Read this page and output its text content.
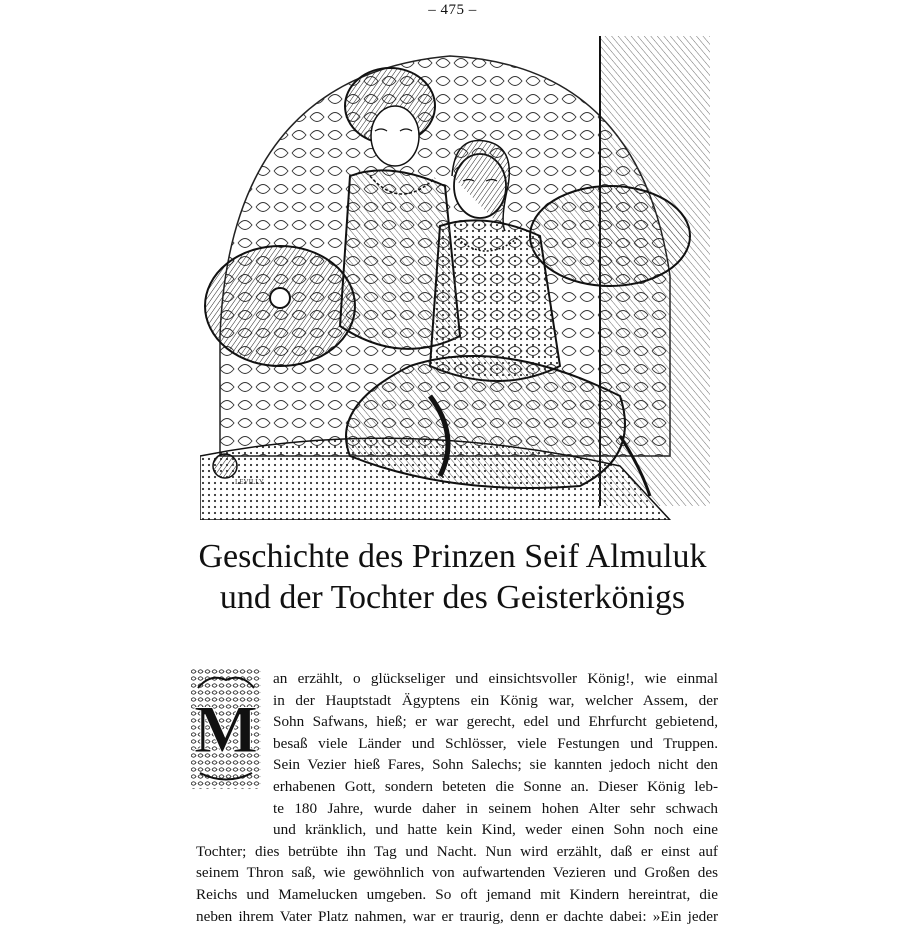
– 475 –
LEVILLY
Geschichte des Prinzen Seif Almuluk
und der Tochter des Geisterkönigs
M
an erzählt, o glückseliger und einsichtsvoller König!, wie einmal
in der Hauptstadt Ägyptens ein König war, welcher Assem, der
Sohn Safwans, hieß; er war gerecht, edel und Ehrfurcht gebietend,
besaß viele Länder und Schlösser, viele Festungen und Truppen.
Sein Vezier hieß Fares, Sohn Salechs; sie kannten jedoch nicht den
erhabenen Gott, sondern beteten die Sonne an. Dieser König leb-
te 180 Jahre, wurde daher in seinem hohen Alter sehr schwach
und kränklich, und hatte kein Kind, weder einen Sohn noch eine
Tochter; dies betrübte ihn Tag und Nacht. Nun wird erzählt, daß er einst auf
seinem Thron saß, wie gewöhnlich von aufwartenden Vezieren und Großen des
Reichs und Mamelucken umgeben. So oft jemand mit Kindern hereintrat, die
neben ihrem Vater Platz nahmen, war er traurig, denn er dachte dabei: »Ein jeder
